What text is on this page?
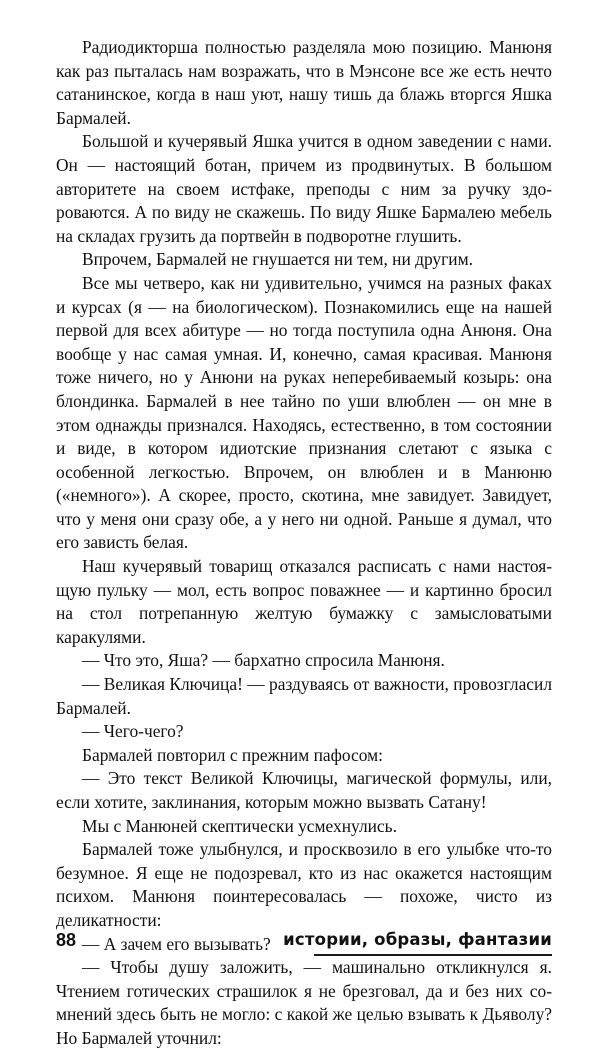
Радиодикторша полностью разделяла мою позицию. Манюня как раз пыталась нам возражать, что в Мэнсоне все же есть нечто сатанинское, когда в наш уют, нашу тишь да блажь вторгся Яшка Бармалей.

Большой и кучерявый Яшка учится в одном заведении с нами. Он — настоящий ботан, причем из продвинутых. В большом авторитете на своем истфаке, преподы с ним за ручку здороваются. А по виду не скажешь. По виду Яшке Бармалею мебель на складах грузить да портвейн в подворотне глушить.

Впрочем, Бармалей не гнушается ни тем, ни другим.

Все мы четверо, как ни удивительно, учимся на разных факах и курсах (я — на биологическом). Познакомились еще на нашей первой для всех абитуре — но тогда поступила одна Анюня. Она вообще у нас самая умная. И, конечно, самая красивая. Манюня тоже ничего, но у Анюни на руках неперебиваемый козырь: она блондинка. Бармалей в нее тайно по уши влюблен — он мне в этом однажды признался. Находясь, естественно, в том состоянии и виде, в котором идиотские признания слетают с языка с особенной легкостью. Впрочем, он влюблен и в Манюню («немного»). А скорее, просто, скотина, мне завидует. Завидует, что у меня они сразу обе, а у него ни одной. Раньше я думал, что его зависть белая.

Наш кучерявый товарищ отказался расписать с нами настоящую пульку — мол, есть вопрос поважнее — и картинно бросил на стол потрепанную желтую бумажку с замысловатыми каракулями.

— Что это, Яша? — бархатно спросила Манюня.

— Великая Ключица! — раздуваясь от важности, провозгласил Бармалей.

— Чего-чего?

Бармалей повторил с прежним пафосом:

— Это текст Великой Ключицы, магической формулы, или, если хотите, заклинания, которым можно вызвать Сатану!

Мы с Манюней скептически усмехнулись.

Бармалей тоже улыбнулся, и просквозило в его улыбке что-то безумное. Я еще не подозревал, кто из нас окажется настоящим психом. Манюня поинтересовалась — похоже, чисто из деликатности:

— А зачем его вызывать?

— Чтобы душу заложить, — машинально откликнулся я. Чтением готических страшилок я не брезговал, да и без них сомнений здесь быть не могло: с какой же целью взывать к Дьяволу? Но Бармалей уточнил:

88	истории, образы, фантазии
